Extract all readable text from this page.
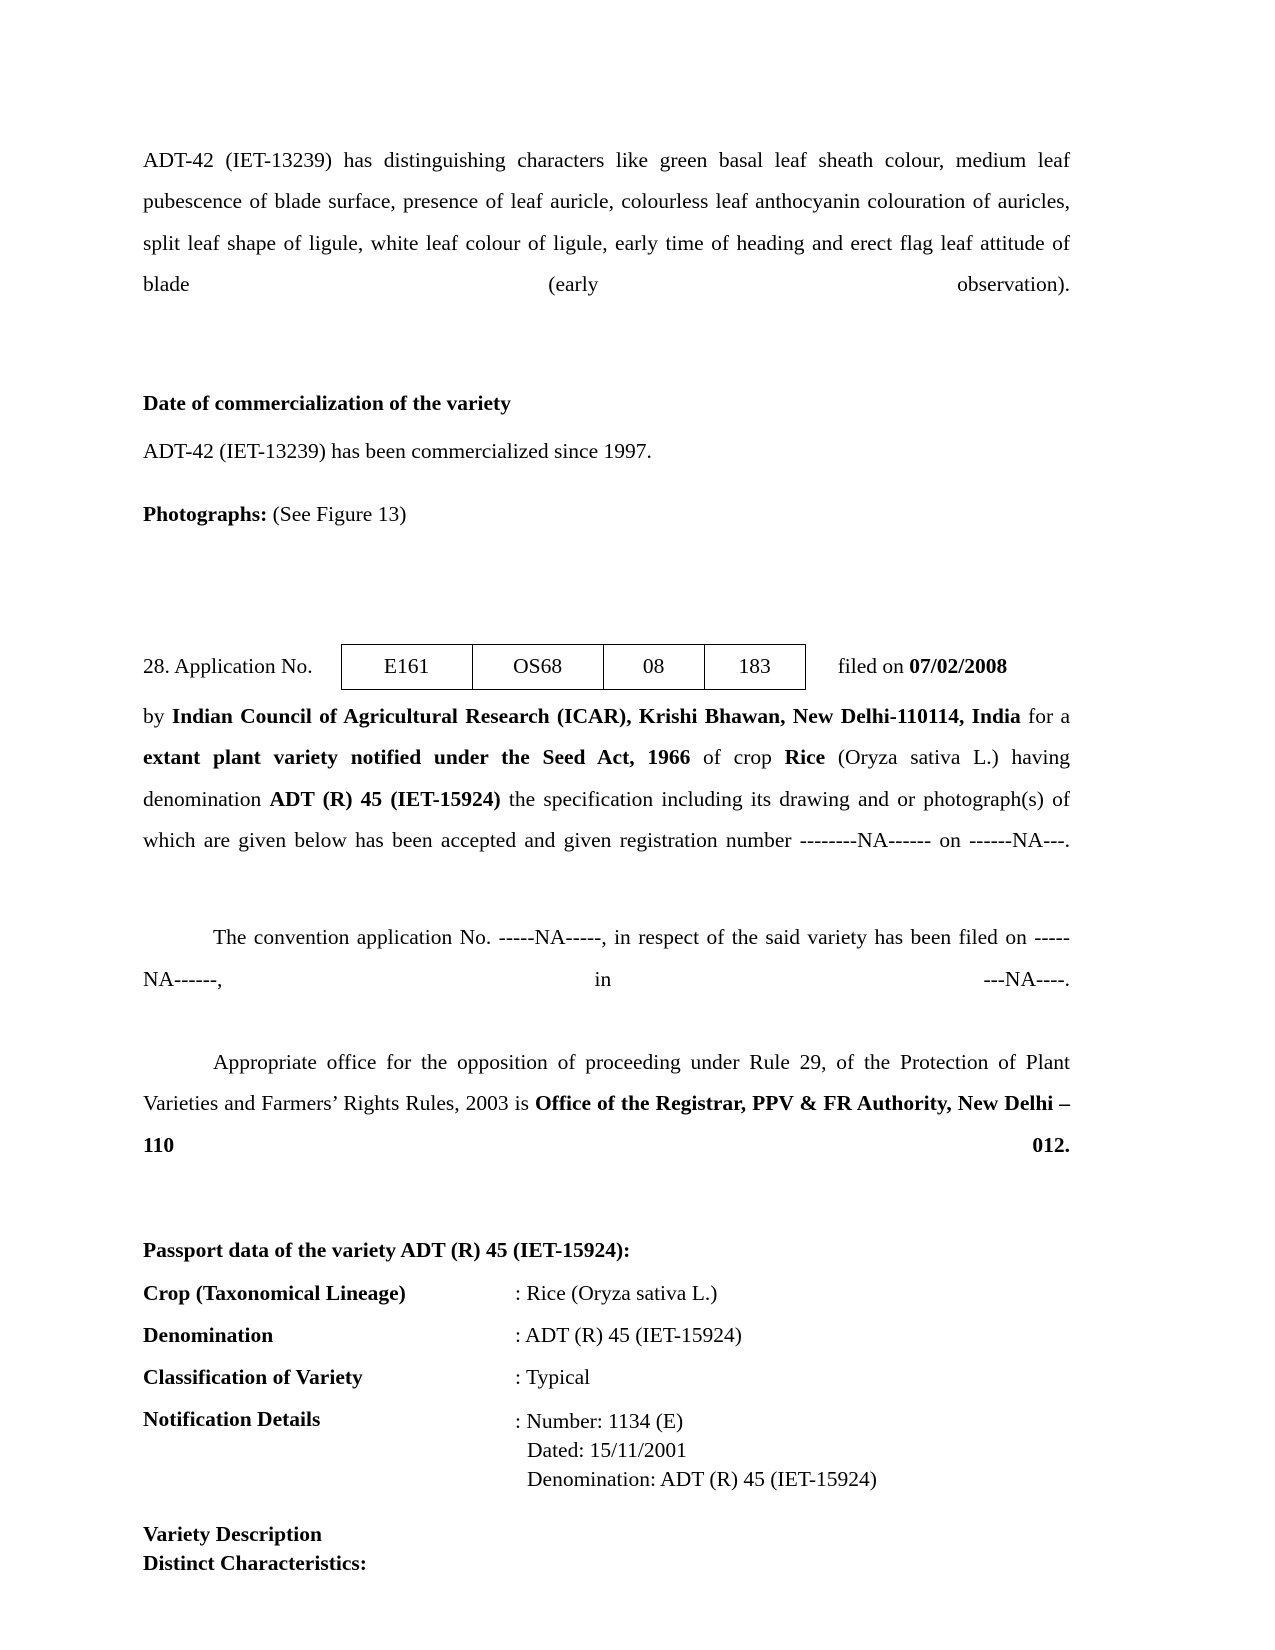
ADT-42 (IET-13239) has distinguishing characters like green basal leaf sheath colour, medium leaf pubescence of blade surface, presence of leaf auricle, colourless leaf anthocyanin colouration of auricles, split leaf shape of ligule, white leaf colour of ligule, early time of heading and erect flag leaf attitude of blade (early observation).

Date of commercialization of the variety

ADT-42 (IET-13239) has been commercialized since 1997.

Photographs: (See Figure 13)

28. Application No.	E161	OS68	08	183	filed on 07/02/2008
by Indian Council of Agricultural Research (ICAR), Krishi Bhawan, New Delhi-110114, India for a extant plant variety notified under the Seed Act, 1966 of crop Rice (Oryza sativa L.) having denomination ADT (R) 45 (IET-15924) the specification including its drawing and or photograph(s) of which are given below has been accepted and given registration number --------NA------ on ------NA---.
The convention application No. -----NA-----, in respect of the said variety has been filed on -----NA------, in ---NA----.
Appropriate office for the opposition of proceeding under Rule 29, of the Protection of Plant Varieties and Farmers’ Rights Rules, 2003 is Office of the Registrar, PPV & FR Authority, New Delhi – 110 012.
Passport data of the variety ADT (R) 45 (IET-15924):
Crop (Taxonomical Lineage)	: Rice (Oryza sativa L.)
Denomination	: ADT (R) 45 (IET-15924)
Classification of Variety	: Typical
Notification Details	: Number: 1134 (E)
Dated: 15/11/2001
Denomination: ADT (R) 45 (IET-15924)
Variety Description
Distinct Characteristics:
